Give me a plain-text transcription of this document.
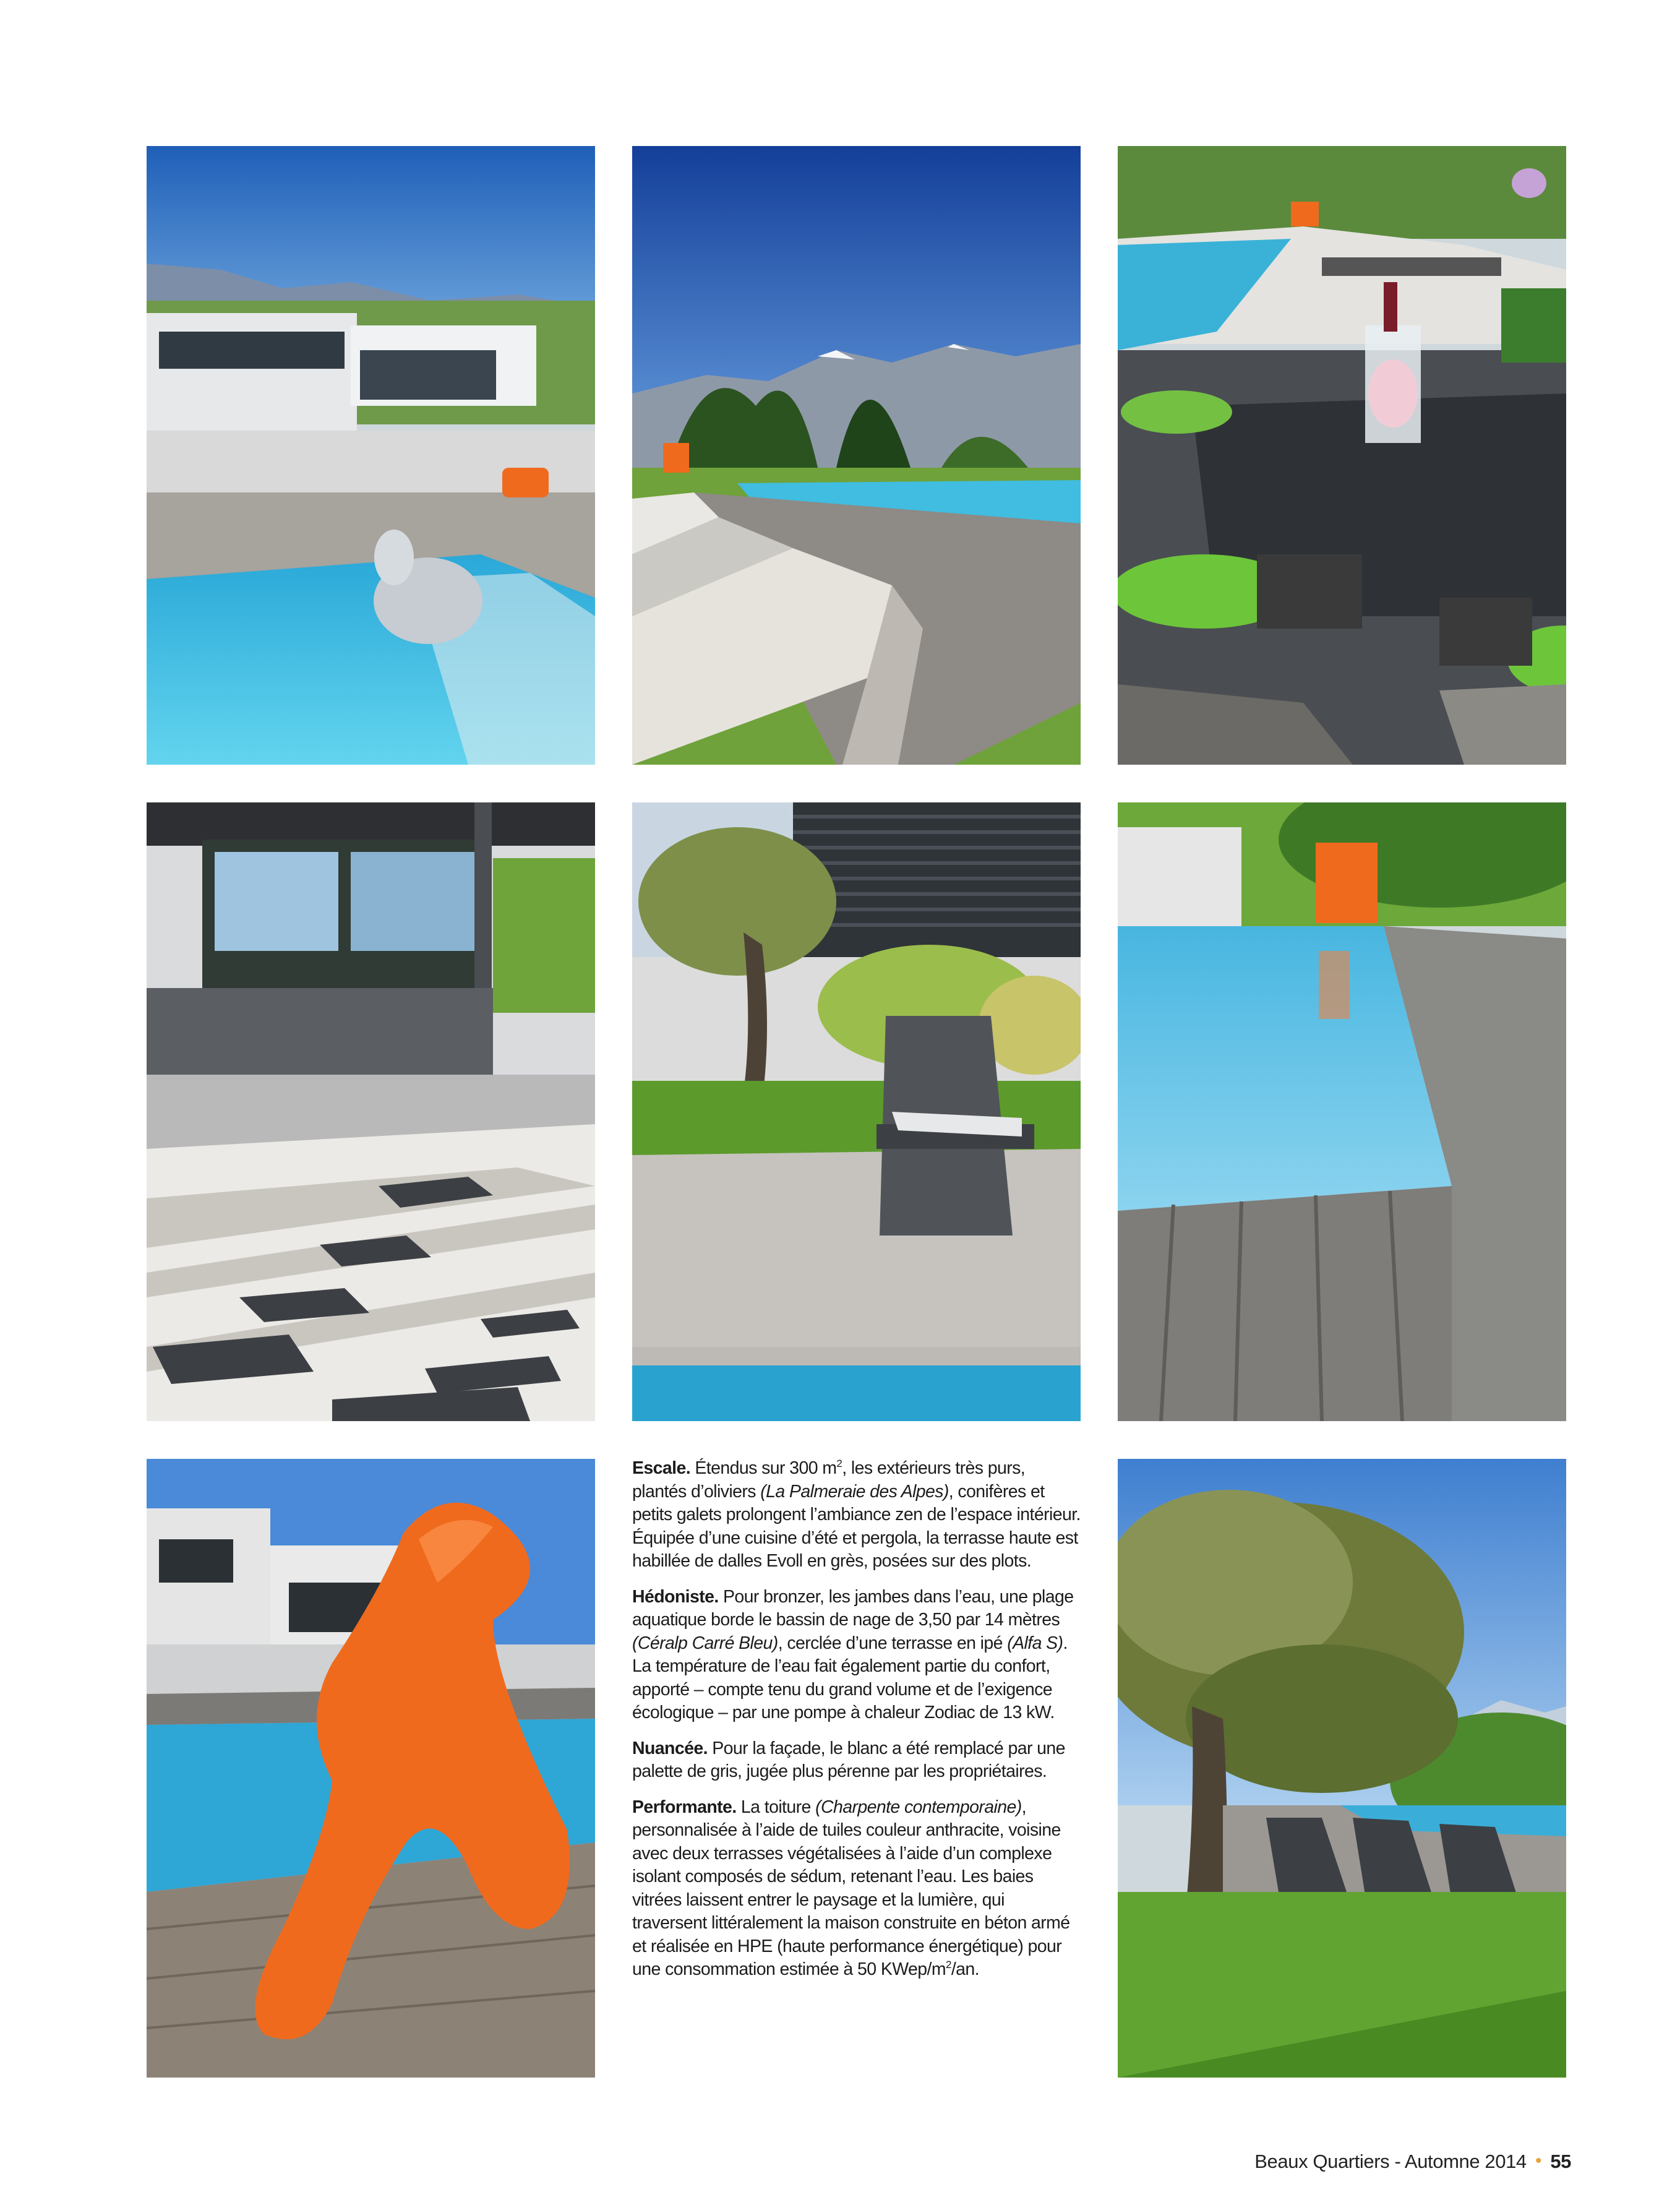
Escale. Étendus sur 300 $m^2$, les extérieurs très purs, plantés d’oliviers (La Palmeraie des Alpes), conifères et petits galets prolongent l’ambiance zen de l’espace intérieur. Équipée d’une cuisine d’été et pergola, la terrasse haute est habillée de dalles Evoll en grès, posées sur des plots.

Hédoniste. Pour bronzer, les jambes dans l’eau, une plage aquatique borde le bassin de nage de 3,50 par 14 mètres (Céralp Carré Bleu), cerclée d’une terrasse en ipé (Alfa S). La température de l’eau fait également partie du confort, apporté – compte tenu du grand volume et de l’exigence écologique – par une pompe à chaleur Zodiac de 13 kW.

Nuancée. Pour la façade, le blanc a été remplacé par une palette de gris, jugée plus pérenne par les propriétaires.

Performante. La toiture (Charpente contemporaine), personnalisée à l’aide de tuiles couleur anthracite, voisine avec deux terrasses végétalisées à l’aide d’un complexe isolant composés de sédum, retenant l’eau. Les baies vitrées laissent entrer le paysage et la lumière, qui traversent littéralement la maison construite en béton armé et réalisée en HPE (haute performance énergétique) pour une consommation estimée à 50 KWep/$m^2/an$.

Beaux Quartiers - Automne 2014 • 55
